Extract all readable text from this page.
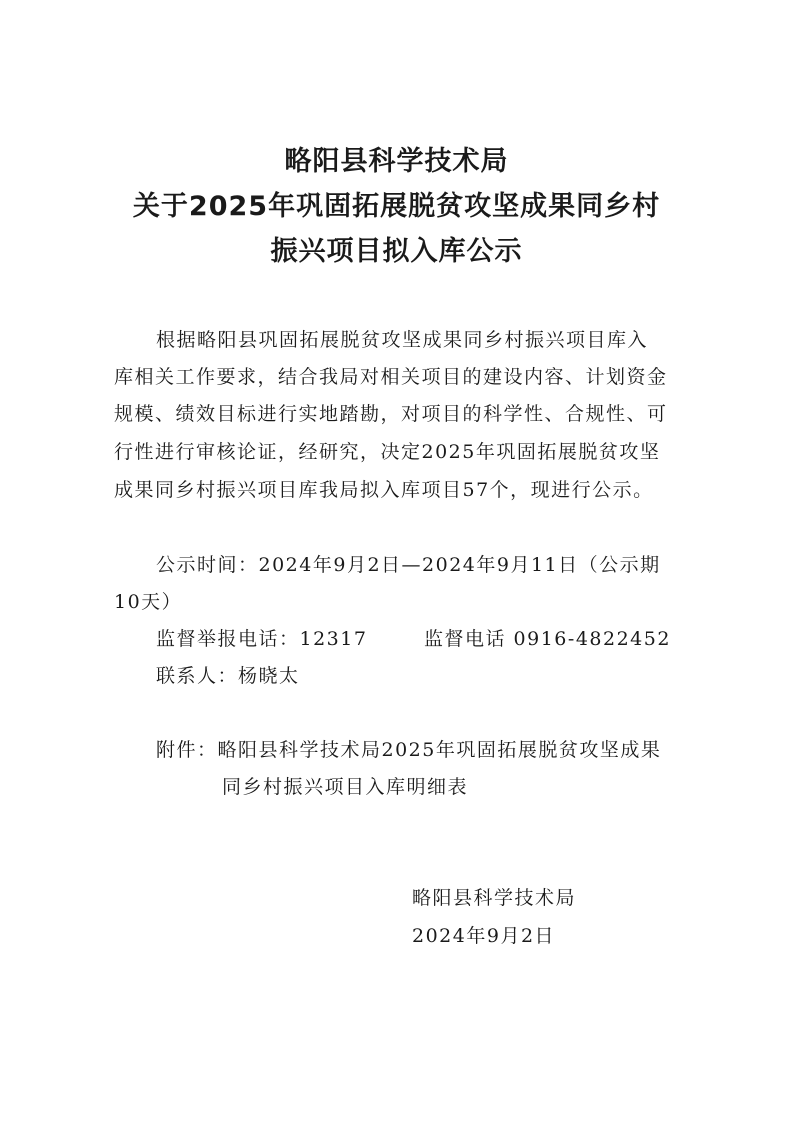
略阳县科学技术局
关于2025年巩固拓展脱贫攻坚成果同乡村
振兴项目拟入库公示
根据略阳县巩固拓展脱贫攻坚成果同乡村振兴项目库入
库相关工作要求，结合我局对相关项目的建设内容、计划资金
规模、绩效目标进行实地踏勘，对项目的科学性、合规性、可
行性进行审核论证，经研究，决定2025年巩固拓展脱贫攻坚
成果同乡村振兴项目库我局拟入库项目57个，现进行公示。
公示时间：2024年9月2日—2024年9月11日（公示期
10天）
监督举报电话：12317	监督电话 0916-4822452
联系人：杨晓太
附件：略阳县科学技术局2025年巩固拓展脱贫攻坚成果
同乡村振兴项目入库明细表
略阳县科学技术局
2024年9月2日
